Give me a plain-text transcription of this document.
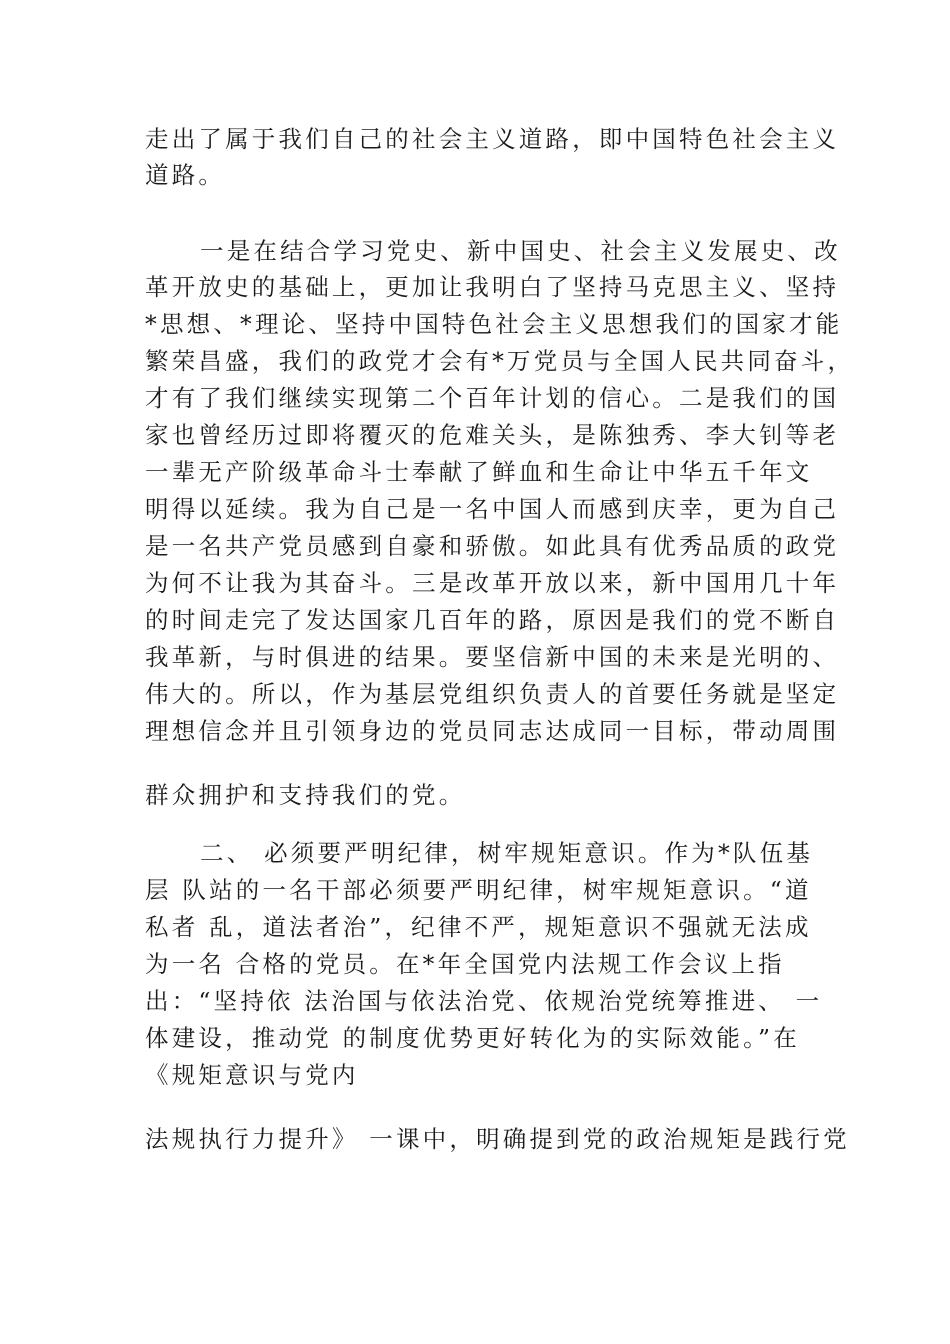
走出了属于我们自己的社会主义道路，即中国特色社会主义
道路。
一是在结合学习党史、新中国史、社会主义发展史、改
革开放史的基础上，更加让我明白了坚持马克思主义、坚持
*思想、*理论、坚持中国特色社会主义思想我们的国家才能
繁荣昌盛，我们的政党才会有*万党员与全国人民共同奋斗，
才有了我们继续实现第二个百年计划的信心。二是我们的国
家也曾经历过即将覆灭的危难关头，是陈独秀、李大钊等老
一辈无产阶级革命斗士奉献了鲜血和生命让中华五千年文
明得以延续。我为自己是一名中国人而感到庆幸，更为自己
是一名共产党员感到自豪和骄傲。如此具有优秀品质的政党
为何不让我为其奋斗。三是改革开放以来，新中国用几十年
的时间走完了发达国家几百年的路，原因是我们的党不断自
我革新，与时俱进的结果。要坚信新中国的未来是光明的、
伟大的。所以，作为基层党组织负责人的首要任务就是坚定
理想信念并且引领身边的党员同志达成同一目标，带动周围
群众拥护和支持我们的党。
二、 必须要严明纪律，树牢规矩意识。作为*队伍基
层 队站的一名干部必须要严明纪律，树牢规矩意识。“道
私者 乱，道法者治”，纪律不严，规矩意识不强就无法成
为一名 合格的党员。在*年全国党内法规工作会议上指
出：“坚持依 法治国与依法治党、依规治党统筹推进、 一
体建设，推动党 的制度优势更好转化为的实际效能。”在
《规矩意识与党内
法规执行力提升》 一课中，明确提到党的政治规矩是践行党
